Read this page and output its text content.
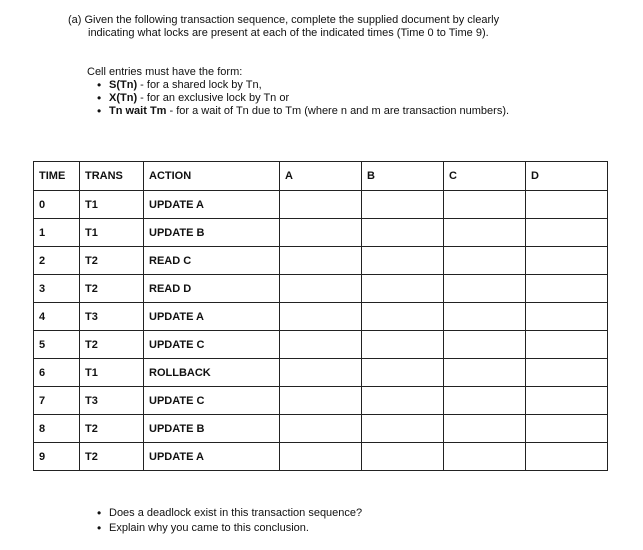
(a) Given the following transaction sequence, complete the supplied document by clearly
indicating what locks are present at each of the indicated times (Time 0 to Time 9).
Cell entries must have the form:
• S(Tn) - for a shared lock by Tn,
• X(Tn) - for an exclusive lock by Tn or
• Tn wait Tm - for a wait of Tn due to Tm (where n and m are transaction numbers).
TIME	TRANS	ACTION	A	B	C	D
0	T1	UPDATE A				
1	T1	UPDATE B				
2	T2	READ C				
3	T2	READ D				
4	T3	UPDATE A				
5	T2	UPDATE C				
6	T1	ROLLBACK				
7	T3	UPDATE C				
8	T2	UPDATE B				
9	T2	UPDATE A				
• Does a deadlock exist in this transaction sequence?
• Explain why you came to this conclusion.
